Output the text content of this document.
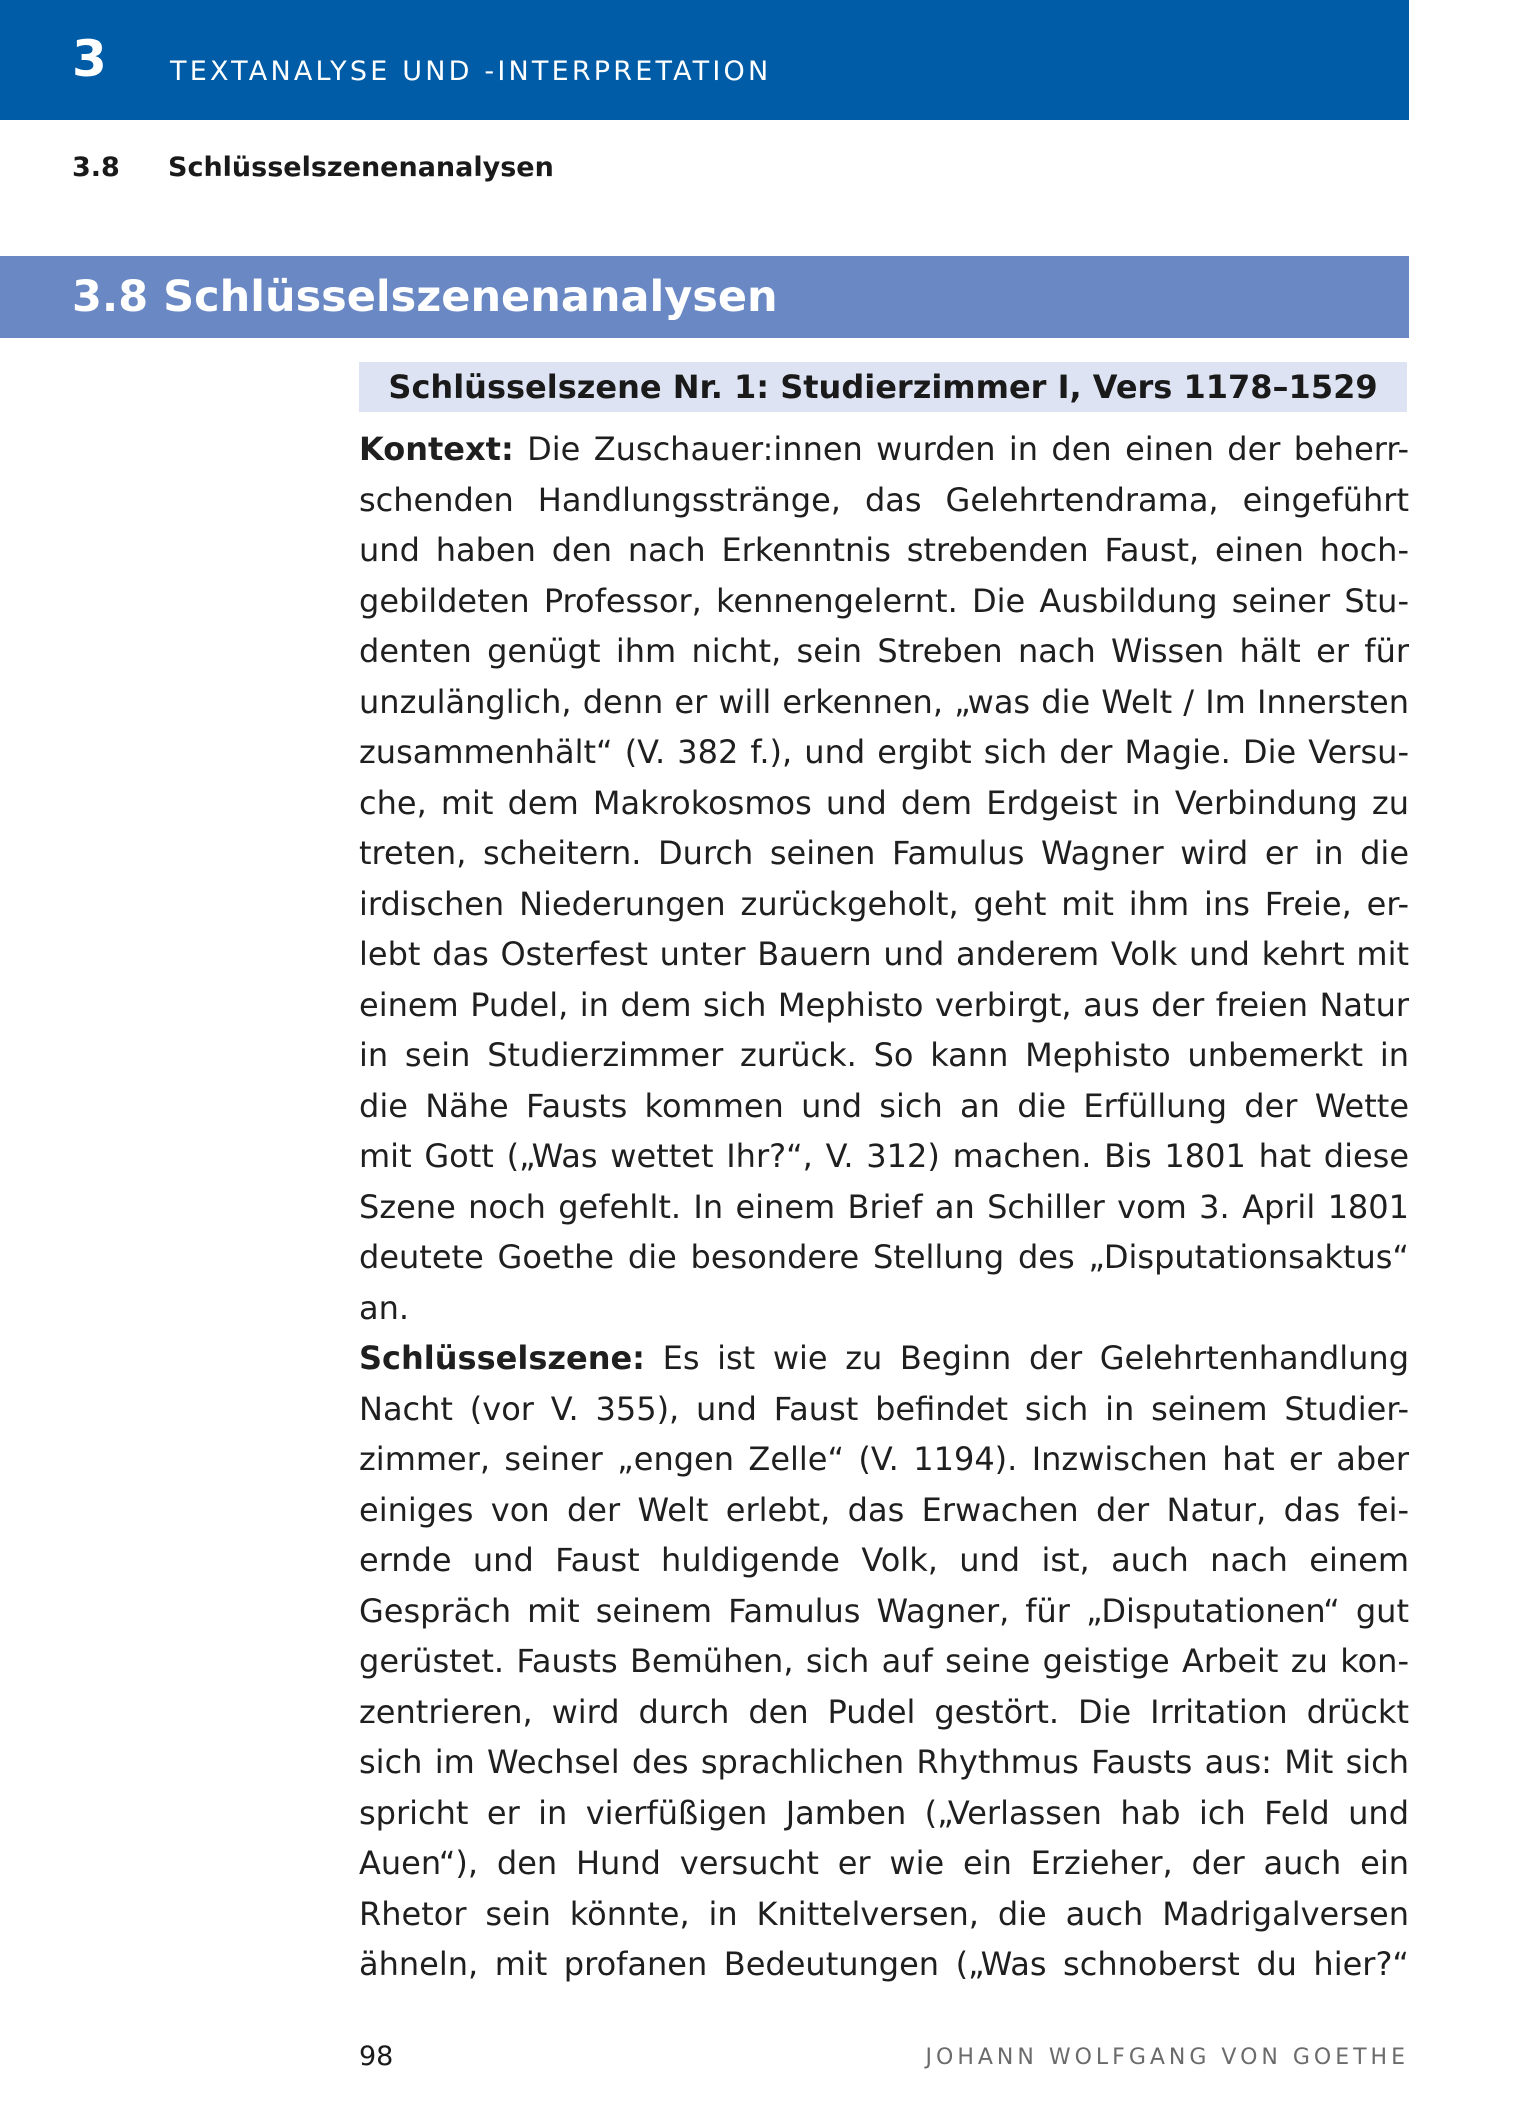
3 TEXTANALYSE UND -INTERPRETATION
3.8 Schlüsselszenenanalysen
3.8 Schlüsselszenenanalysen
Schlüsselszene Nr. 1: Studierzimmer I, Vers 1178–1529
Kontext: Die Zuschauer:innen wurden in den einen der beherr-
schenden Handlungsstränge, das Gelehrtendrama, eingeführt
und haben den nach Erkenntnis strebenden Faust, einen hoch-
gebildeten Professor, kennengelernt. Die Ausbildung seiner Stu-
denten genügt ihm nicht, sein Streben nach Wissen hält er für
unzulänglich, denn er will erkennen, „was die Welt / Im Innersten
zusammenhält“ (V. 382 f.), und ergibt sich der Magie. Die Versu-
che, mit dem Makrokosmos und dem Erdgeist in Verbindung zu
treten, scheitern. Durch seinen Famulus Wagner wird er in die
irdischen Niederungen zurückgeholt, geht mit ihm ins Freie, er-
lebt das Osterfest unter Bauern und anderem Volk und kehrt mit
einem Pudel, in dem sich Mephisto verbirgt, aus der freien Natur
in sein Studierzimmer zurück. So kann Mephisto unbemerkt in
die Nähe Fausts kommen und sich an die Erfüllung der Wette
mit Gott („Was wettet Ihr?“, V. 312) machen. Bis 1801 hat diese
Szene noch gefehlt. In einem Brief an Schiller vom 3. April 1801
deutete Goethe die besondere Stellung des „Disputationsaktus“
an.
Schlüsselszene: Es ist wie zu Beginn der Gelehrtenhandlung
Nacht (vor V. 355), und Faust befindet sich in seinem Studier-
zimmer, seiner „engen Zelle“ (V. 1194). Inzwischen hat er aber
einiges von der Welt erlebt, das Erwachen der Natur, das fei-
ernde und Faust huldigende Volk, und ist, auch nach einem
Gespräch mit seinem Famulus Wagner, für „Disputationen“ gut
gerüstet. Fausts Bemühen, sich auf seine geistige Arbeit zu kon-
zentrieren, wird durch den Pudel gestört. Die Irritation drückt
sich im Wechsel des sprachlichen Rhythmus Fausts aus: Mit sich
spricht er in vierfüßigen Jamben („Verlassen hab ich Feld und
Auen“), den Hund versucht er wie ein Erzieher, der auch ein
Rhetor sein könnte, in Knittelversen, die auch Madrigalversen
ähneln, mit profanen Bedeutungen („Was schnoberst du hier?“
98	JOHANN WOLFGANG VON GOETHE
